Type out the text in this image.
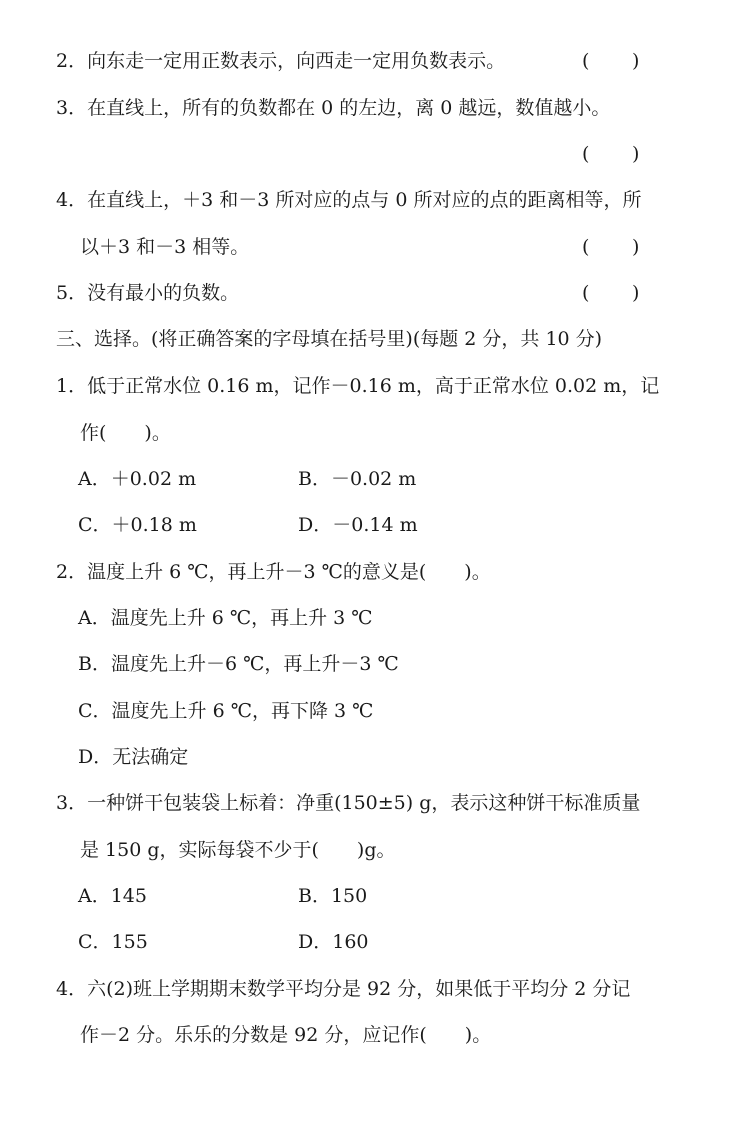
2．向东走一定用正数表示，向西走一定用负数表示。	( )
3．在直线上，所有的负数都在 0 的左边，离 0 越远，数值越小。
( )
4．在直线上，＋3 和－3 所对应的点与 0 所对应的点的距离相等，所
以＋3 和－3 相等。	( )
5．没有最小的负数。	( )
三、选择。(将正确答案的字母填在括号里)(每题 2 分，共 10 分)
1．低于正常水位 0.16 m，记作－0.16 m，高于正常水位 0.02 m，记
作(　　)。
A．＋0.02 m	B．－0.02 m
C．＋0.18 m	D．－0.14 m
2．温度上升 6 ℃，再上升－3 ℃的意义是(　　)。
A．温度先上升 6 ℃，再上升 3 ℃
B．温度先上升－6 ℃，再上升－3 ℃
C．温度先上升 6 ℃，再下降 3 ℃
D．无法确定
3．一种饼干包装袋上标着：净重(150±5) g，表示这种饼干标准质量
是 150 g，实际每袋不少于(　　)g。
A．145	B．150
C．155	D．160
4．六(2)班上学期期末数学平均分是 92 分，如果低于平均分 2 分记
作－2 分。乐乐的分数是 92 分，应记作(　　)。
